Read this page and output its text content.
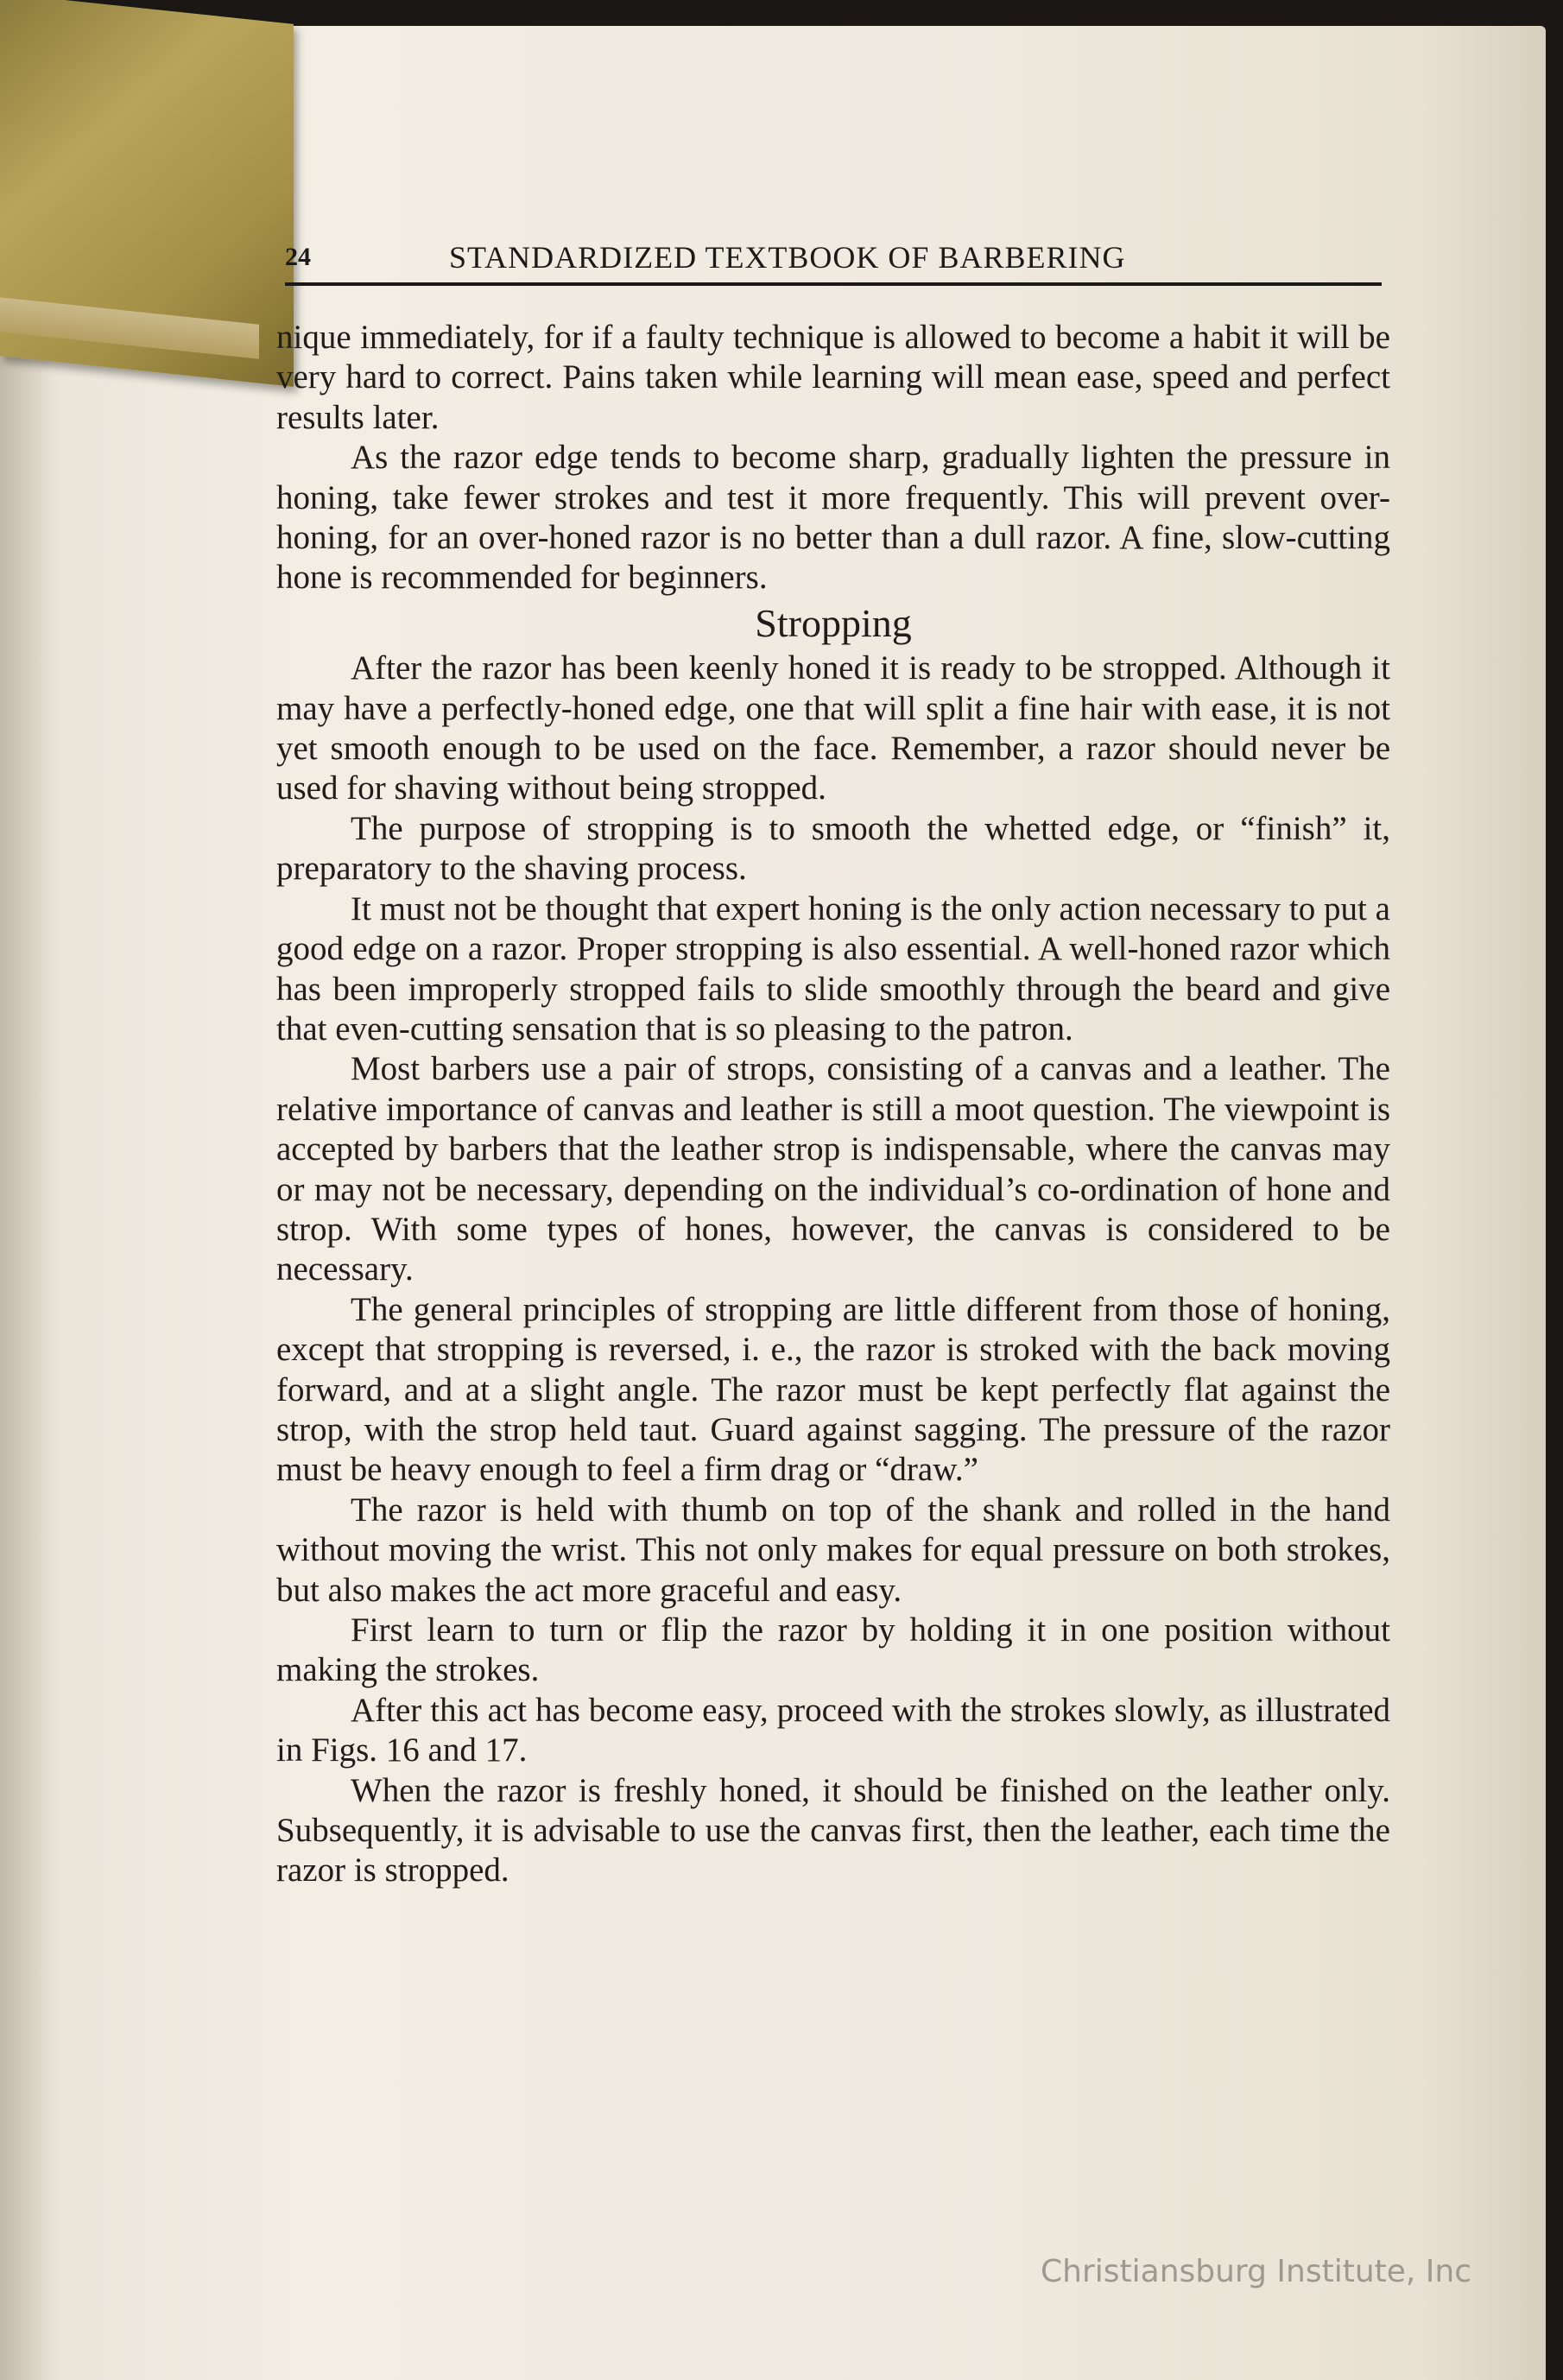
24	STANDARDIZED TEXTBOOK OF BARBERING

nique immediately, for if a faulty technique is allowed to become a habit it will be very hard to correct. Pains taken while learning will mean ease, speed and perfect results later.

As the razor edge tends to become sharp, gradually lighten the pressure in honing, take fewer strokes and test it more frequently. This will prevent over-honing, for an over-honed razor is no better than a dull razor. A fine, slow-cutting hone is recommended for beginners.

Stropping

After the razor has been keenly honed it is ready to be stropped. Although it may have a perfectly-honed edge, one that will split a fine hair with ease, it is not yet smooth enough to be used on the face. Remember, a razor should never be used for shaving without being stropped.

The purpose of stropping is to smooth the whetted edge, or “finish” it, preparatory to the shaving process.

It must not be thought that expert honing is the only action necessary to put a good edge on a razor. Proper stropping is also essential. A well-honed razor which has been improperly stropped fails to slide smoothly through the beard and give that even-cutting sensation that is so pleasing to the patron.

Most barbers use a pair of strops, consisting of a canvas and a leather. The relative importance of canvas and leather is still a moot question. The viewpoint is accepted by barbers that the leather strop is indispensable, where the canvas may or may not be necessary, depending on the individual’s co-ordination of hone and strop. With some types of hones, however, the canvas is considered to be necessary.

The general principles of stropping are little different from those of honing, except that stropping is reversed, i. e., the razor is stroked with the back moving forward, and at a slight angle. The razor must be kept perfectly flat against the strop, with the strop held taut. Guard against sagging. The pressure of the razor must be heavy enough to feel a firm drag or “draw.”

The razor is held with thumb on top of the shank and rolled in the hand without moving the wrist. This not only makes for equal pressure on both strokes, but also makes the act more graceful and easy.

First learn to turn or flip the razor by holding it in one position without making the strokes.

After this act has become easy, proceed with the strokes slowly, as illustrated in Figs. 16 and 17.

When the razor is freshly honed, it should be finished on the leather only. Subsequently, it is advisable to use the canvas first, then the leather, each time the razor is stropped.

Christiansburg Institute, Inc
